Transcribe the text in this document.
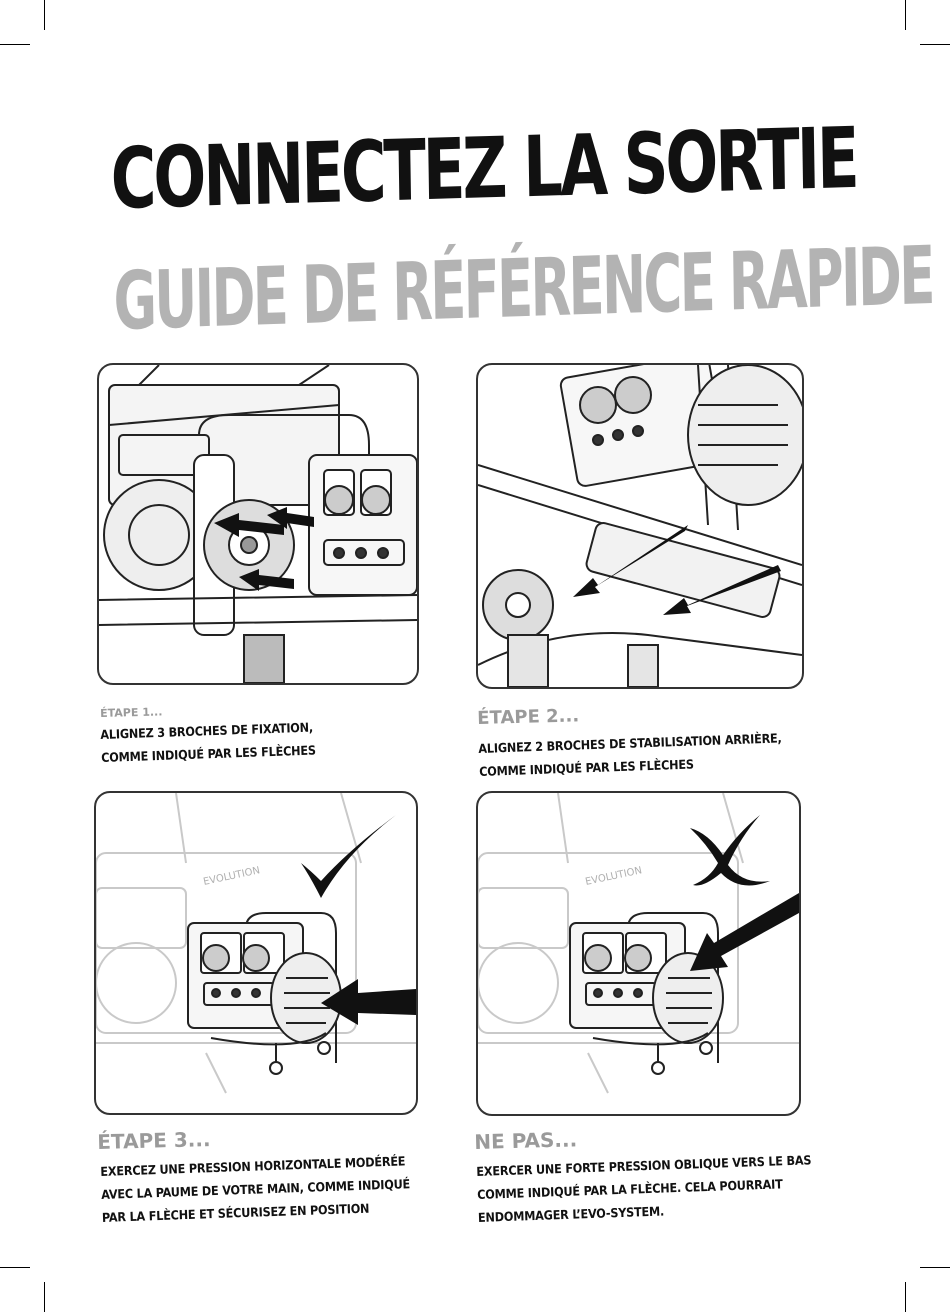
CONNECTEZ LA SORTIE
GUIDE DE RÉFÉRENCE RAPIDE
ÉTAPE 1...
ALIGNEZ 3 BROCHES DE FIXATION,
COMME INDIQUÉ PAR LES FLÈCHES
ÉTAPE 2...
ALIGNEZ 2 BROCHES DE STABILISATION ARRIÈRE,
COMME INDIQUÉ PAR LES FLÈCHES
EVOLUTION	EVOLUTION
ÉTAPE 3...
EXERCEZ UNE PRESSION HORIZONTALE MODÉRÉE
AVEC LA PAUME DE VOTRE MAIN, COMME INDIQUÉ
PAR LA FLÈCHE ET SÉCURISEZ EN POSITION
NE PAS...
EXERCER UNE FORTE PRESSION OBLIQUE VERS LE BAS
COMME INDIQUÉ PAR LA FLÈCHE. CELA POURRAIT
ENDOMMAGER L’EVO-SYSTEM.
